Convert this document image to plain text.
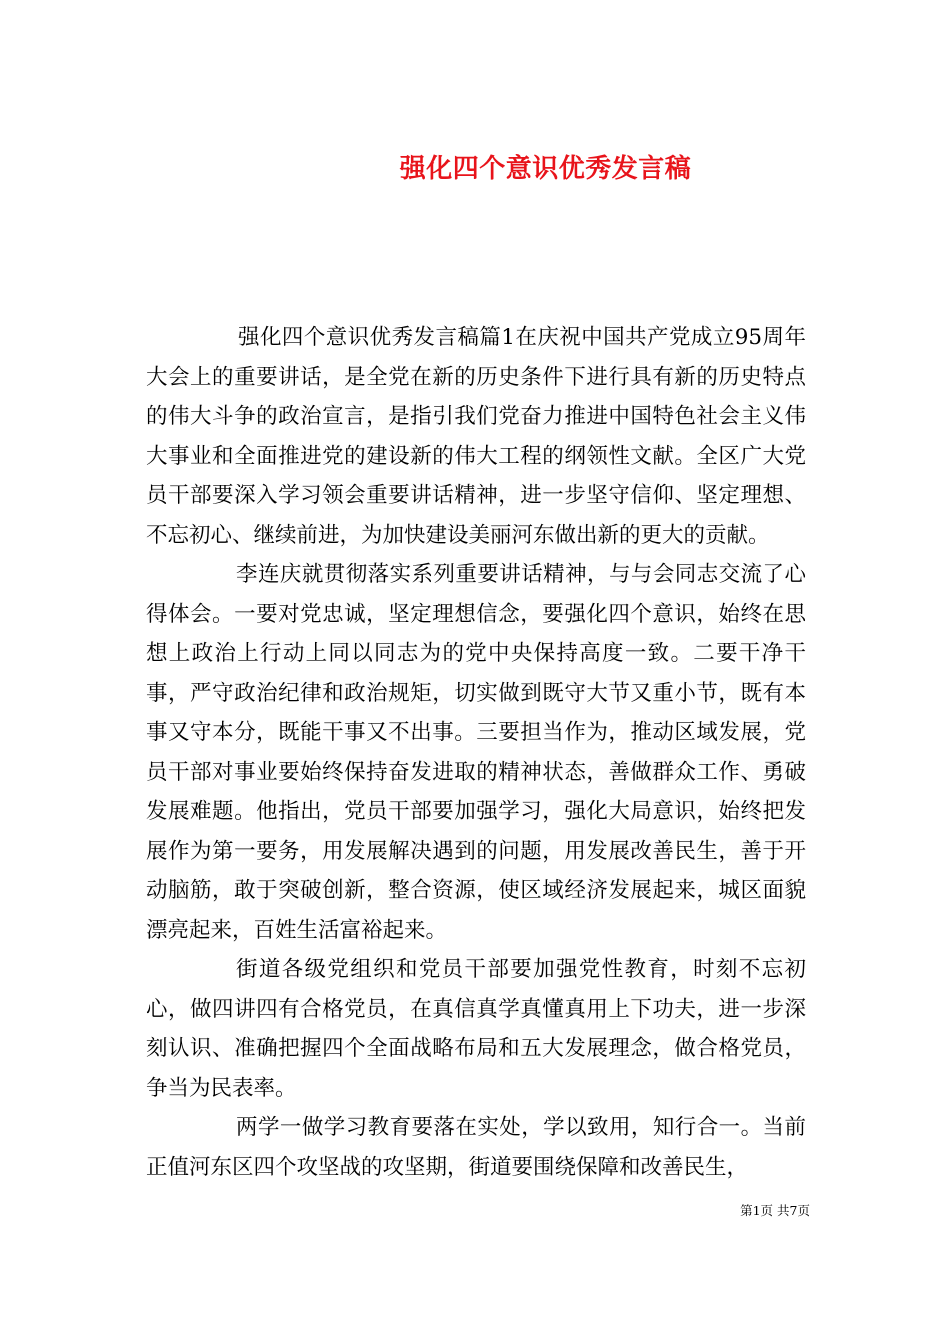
强化四个意识优秀发言稿

强化四个意识优秀发言稿篇1在庆祝中国共产党成立95周年大会上的重要讲话，是全党在新的历史条件下进行具有新的历史特点的伟大斗争的政治宣言，是指引我们党奋力推进中国特色社会主义伟大事业和全面推进党的建设新的伟大工程的纲领性文献。全区广大党员干部要深入学习领会重要讲话精神，进一步坚守信仰、坚定理想、不忘初心、继续前进，为加快建设美丽河东做出新的更大的贡献。

李连庆就贯彻落实系列重要讲话精神，与与会同志交流了心得体会。一要对党忠诚，坚定理想信念，要强化四个意识，始终在思想上政治上行动上同以同志为的党中央保持高度一致。二要干净干事，严守政治纪律和政治规矩，切实做到既守大节又重小节，既有本事又守本分，既能干事又不出事。三要担当作为，推动区域发展，党员干部对事业要始终保持奋发进取的精神状态，善做群众工作、勇破发展难题。他指出，党员干部要加强学习，强化大局意识，始终把发展作为第一要务，用发展解决遇到的问题，用发展改善民生，善于开动脑筋，敢于突破创新，整合资源，使区域经济发展起来，城区面貌漂亮起来，百姓生活富裕起来。

街道各级党组织和党员干部要加强党性教育，时刻不忘初心，做四讲四有合格党员，在真信真学真懂真用上下功夫，进一步深刻认识、准确把握四个全面战略布局和五大发展理念，做合格党员，争当为民表率。

两学一做学习教育要落在实处，学以致用，知行合一。当前正值河东区四个攻坚战的攻坚期，街道要围绕保障和改善民生，

第1页 共7页
